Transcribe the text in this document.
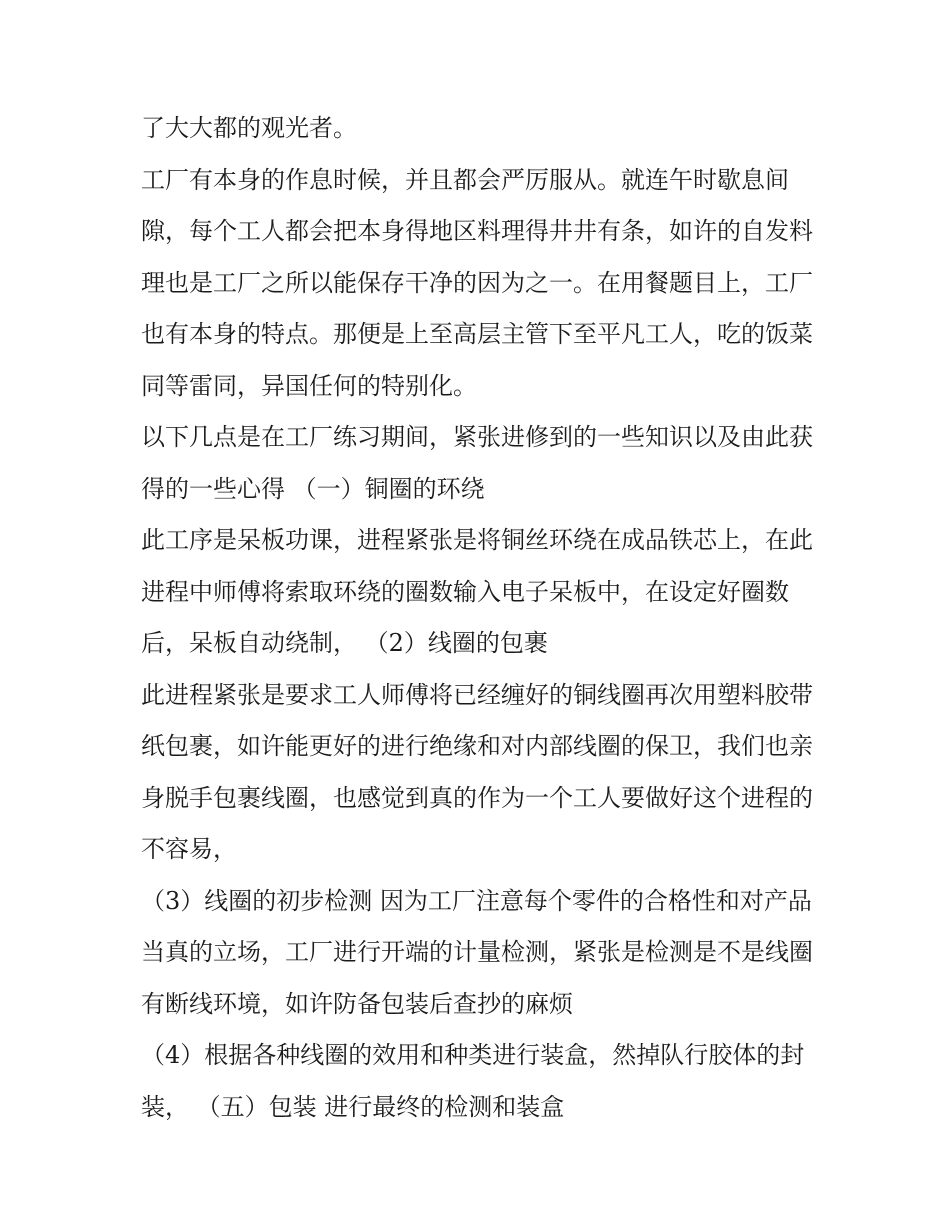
了大大都的观光者。

工厂有本身的作息时候，并且都会严厉服从。就连午时歇息间隙，每个工人都会把本身得地区料理得井井有条，如许的自发料理也是工厂之所以能保存干净的因为之一。在用餐题目上，工厂也有本身的特点。那便是上至高层主管下至平凡工人，吃的饭菜同等雷同，异国任何的特别化。

以下几点是在工厂练习期间，紧张进修到的一些知识以及由此获得的一些心得 （一）铜圈的环绕

此工序是呆板功课，进程紧张是将铜丝环绕在成品铁芯上，在此进程中师傅将索取环绕的圈数输入电子呆板中，在设定好圈数后，呆板自动绕制， （2）线圈的包裹

此进程紧张是要求工人师傅将已经缠好的铜线圈再次用塑料胶带纸包裹，如许能更好的进行绝缘和对内部线圈的保卫，我们也亲身脱手包裹线圈，也感觉到真的作为一个工人要做好这个进程的不容易，

（3）线圈的初步检测 因为工厂注意每个零件的合格性和对产品当真的立场，工厂进行开端的计量检测，紧张是检测是不是线圈有断线环境，如许防备包装后查抄的麻烦

（4）根据各种线圈的效用和种类进行装盒，然掉队行胶体的封装， （五）包装 进行最终的检测和装盒
